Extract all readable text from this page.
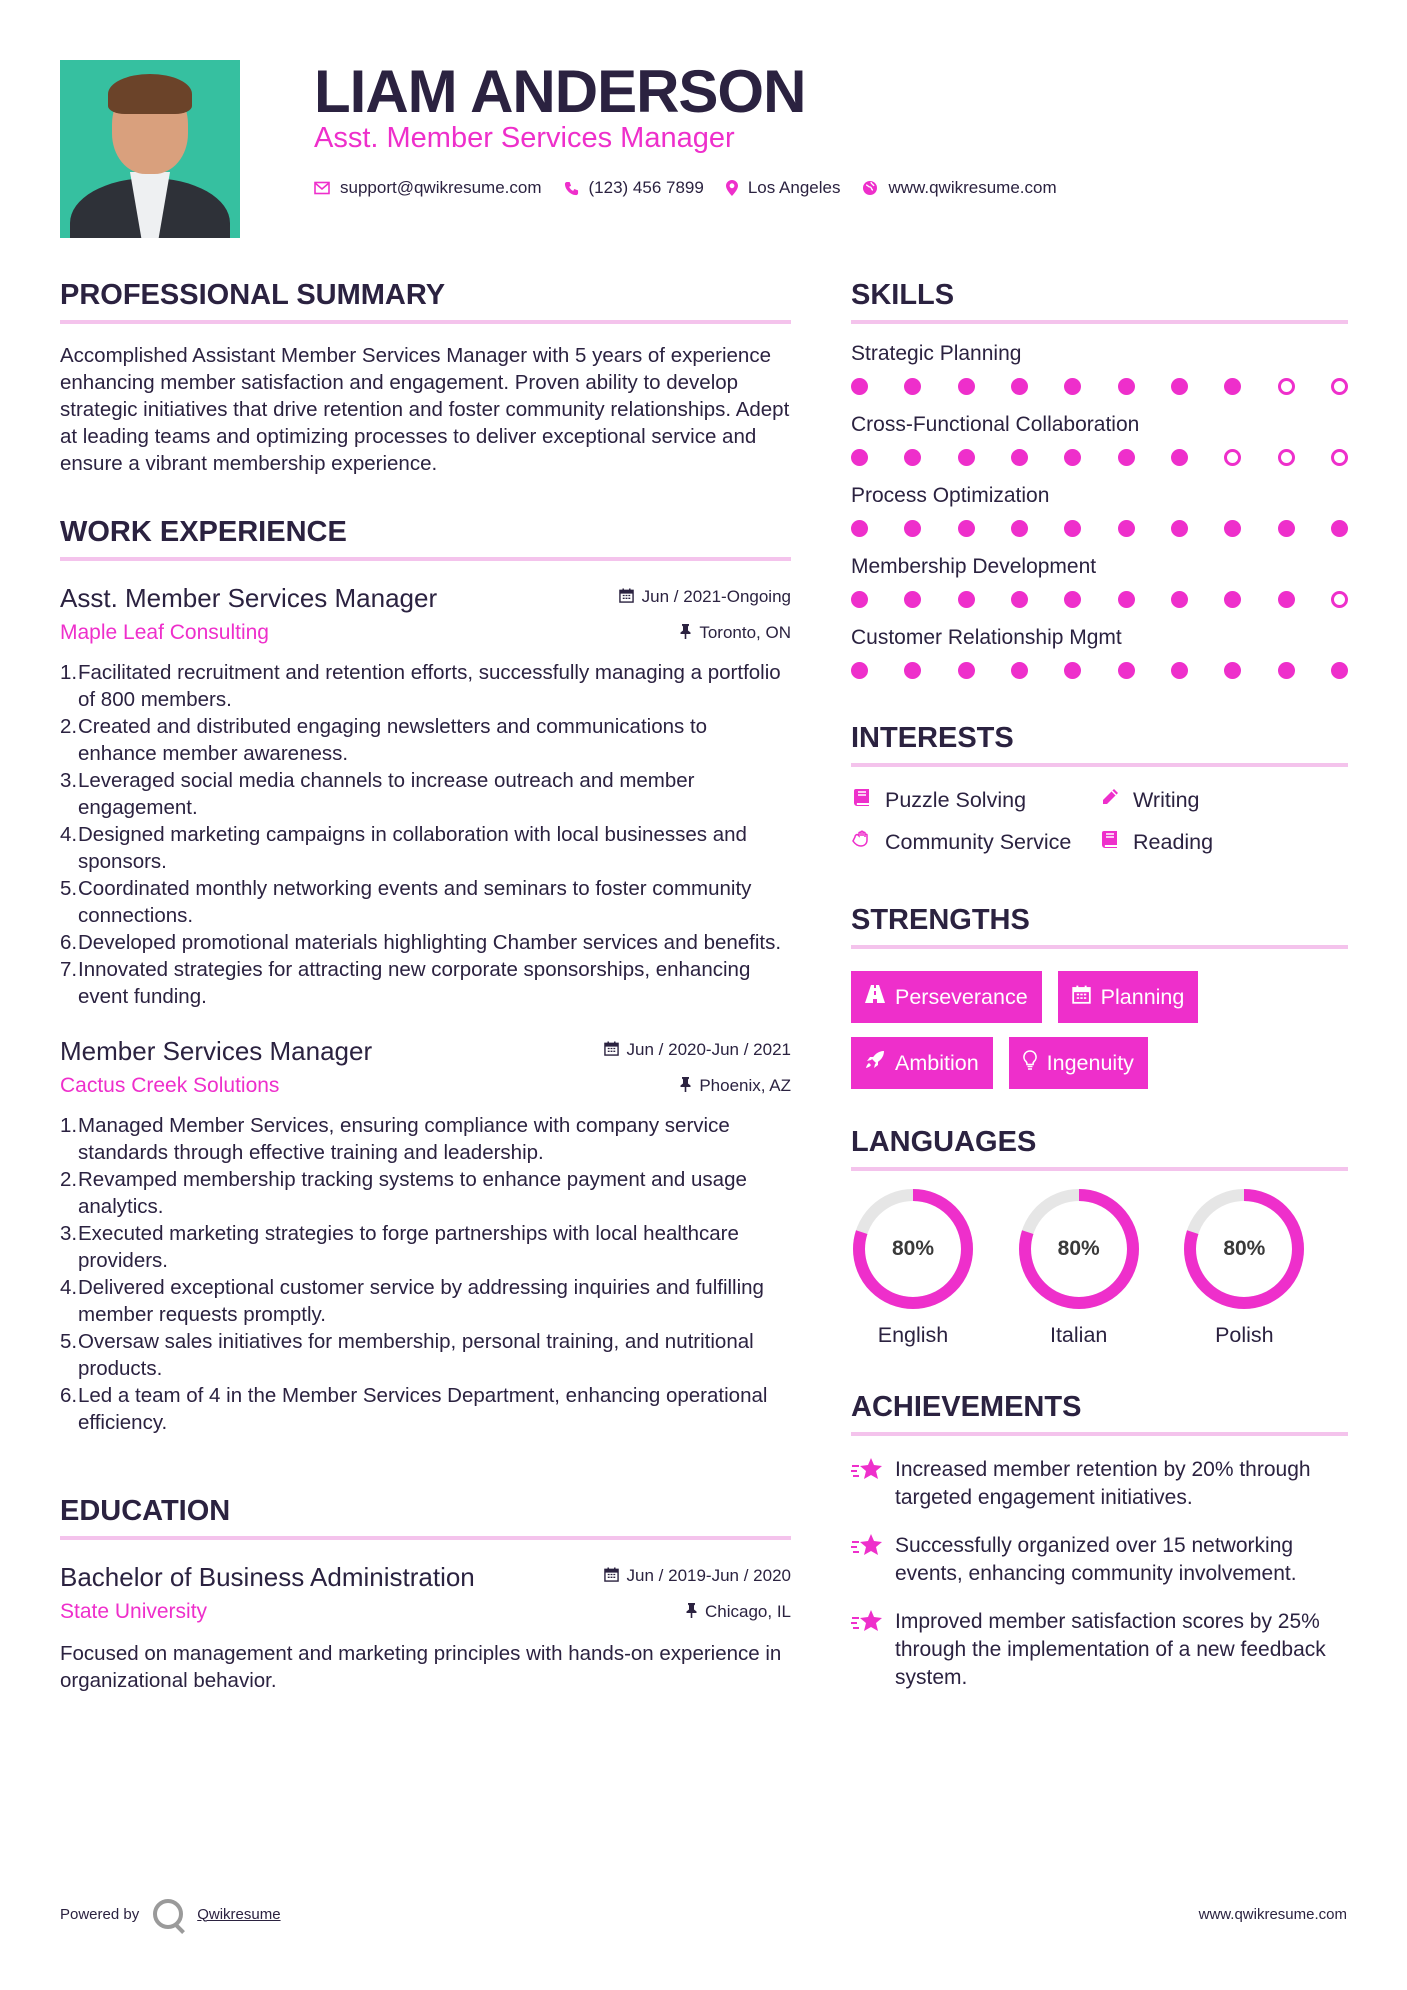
LIAM ANDERSON
Asst. Member Services Manager
support@qwikresume.com	(123) 456 7899	Los Angeles	www.qwikresume.com
PROFESSIONAL SUMMARY

Accomplished Assistant Member Services Manager with 5 years of experience enhancing member satisfaction and engagement. Proven ability to develop strategic initiatives that drive retention and foster community relationships. Adept at leading teams and optimizing processes to deliver exceptional service and ensure a vibrant membership experience.

WORK EXPERIENCE
Asst. Member Services Manager	Jun / 2021-Ongoing
Maple Leaf Consulting	Toronto, ON
1. Facilitated recruitment and retention efforts, successfully managing a portfolio of 800 members.
2. Created and distributed engaging newsletters and communications to enhance member awareness.
3. Leveraged social media channels to increase outreach and member engagement.
4. Designed marketing campaigns in collaboration with local businesses and sponsors.
5. Coordinated monthly networking events and seminars to foster community connections.
6. Developed promotional materials highlighting Chamber services and benefits.
7. Innovated strategies for attracting new corporate sponsorships, enhancing event funding.
Member Services Manager	Jun / 2020-Jun / 2021
Cactus Creek Solutions	Phoenix, AZ
1. Managed Member Services, ensuring compliance with company service standards through effective training and leadership.
2. Revamped membership tracking systems to enhance payment and usage analytics.
3. Executed marketing strategies to forge partnerships with local healthcare providers.
4. Delivered exceptional customer service by addressing inquiries and fulfilling member requests promptly.
5. Oversaw sales initiatives for membership, personal training, and nutritional products.
6. Led a team of 4 in the Member Services Department, enhancing operational efficiency.
EDUCATION
Bachelor of Business Administration	Jun / 2019-Jun / 2020
State University	Chicago, IL

Focused on management and marketing principles with hands-on experience in organizational behavior.

SKILLS
Strategic Planning
Cross-Functional Collaboration
Process Optimization
Membership Development
Customer Relationship Mgmt
INTERESTS
Puzzle Solving	Writing
Community Service	Reading
STRENGTHS
Perseverance	Planning
Ambition	Ingenuity
LANGUAGES
80%
English
80%
Italian
80%
Polish
ACHIEVEMENTS
Increased member retention by 20% through targeted engagement initiatives.
Successfully organized over 15 networking events, enhancing community involvement.
Improved member satisfaction scores by 25% through the implementation of a new feedback system.
Powered by	Qwikresume	www.qwikresume.com
